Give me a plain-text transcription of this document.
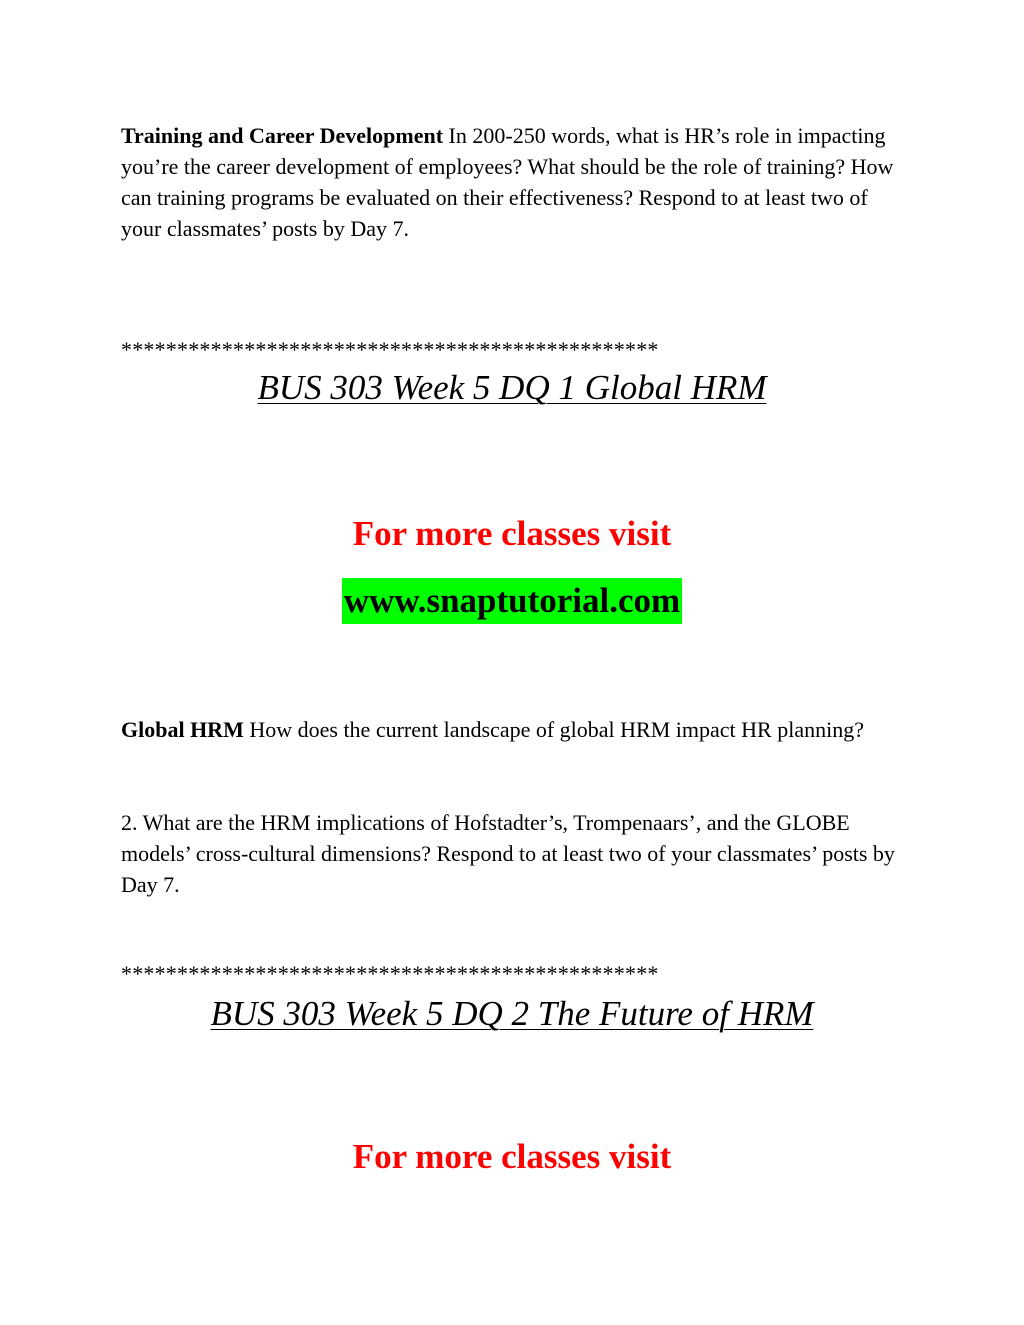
Training and Career Development In 200-250 words, what is HR’s role in impacting you’re the career development of employees? What should be the role of training? How can training programs be evaluated on their effectiveness? Respond to at least two of your classmates’ posts by Day 7.

************************************************
BUS 303 Week 5 DQ 1 Global HRM
For more classes visit
www.snaptutorial.com

Global HRM How does the current landscape of global HRM impact HR planning?

2. What are the HRM implications of Hofstadter’s, Trompenaars’, and the GLOBE models’ cross-cultural dimensions? Respond to at least two of your classmates’ posts by Day 7.

************************************************
BUS 303 Week 5 DQ 2 The Future of HRM
For more classes visit
